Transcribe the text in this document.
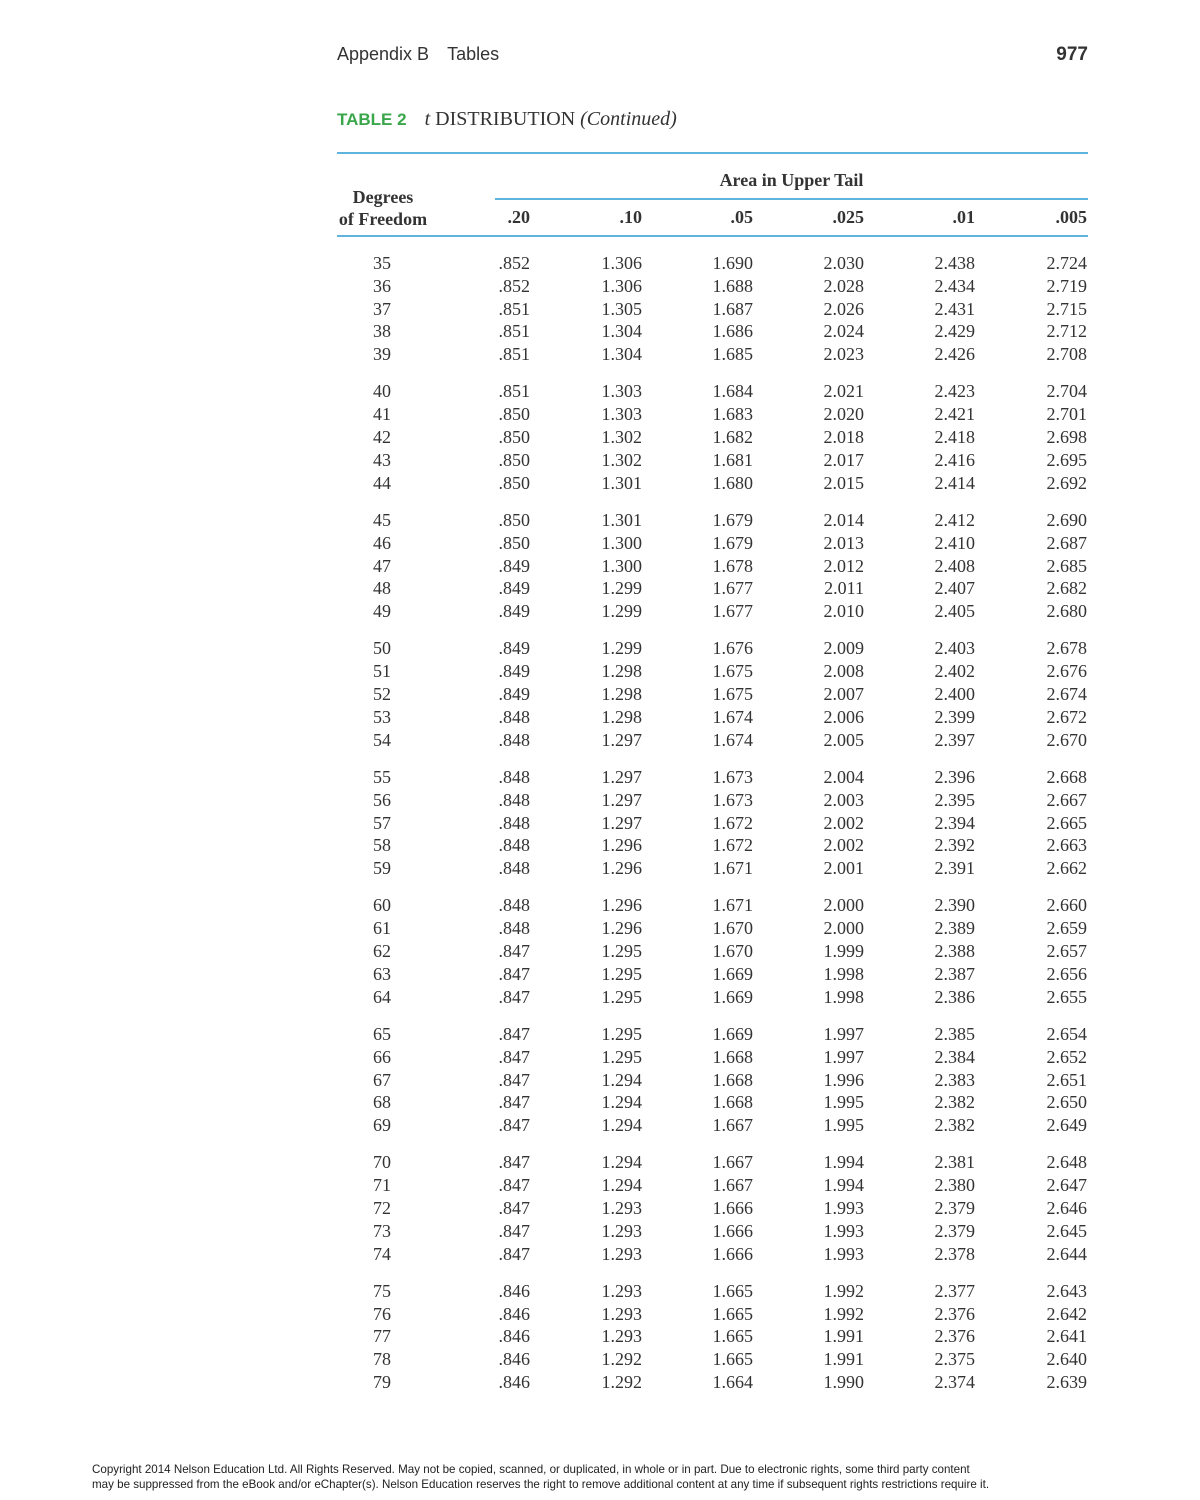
Appendix B Tables	977
TABLE 2 t DISTRIBUTION (Continued)
Area in Upper Tail
Degrees
of Freedom	.20	.10	.05	.025	.01	.005
35	.852	1.306	1.690	2.030	2.438	2.724
36	.852	1.306	1.688	2.028	2.434	2.719
37	.851	1.305	1.687	2.026	2.431	2.715
38	.851	1.304	1.686	2.024	2.429	2.712
39	.851	1.304	1.685	2.023	2.426	2.708
40	.851	1.303	1.684	2.021	2.423	2.704
41	.850	1.303	1.683	2.020	2.421	2.701
42	.850	1.302	1.682	2.018	2.418	2.698
43	.850	1.302	1.681	2.017	2.416	2.695
44	.850	1.301	1.680	2.015	2.414	2.692
45	.850	1.301	1.679	2.014	2.412	2.690
46	.850	1.300	1.679	2.013	2.410	2.687
47	.849	1.300	1.678	2.012	2.408	2.685
48	.849	1.299	1.677	2.011	2.407	2.682
49	.849	1.299	1.677	2.010	2.405	2.680
50	.849	1.299	1.676	2.009	2.403	2.678
51	.849	1.298	1.675	2.008	2.402	2.676
52	.849	1.298	1.675	2.007	2.400	2.674
53	.848	1.298	1.674	2.006	2.399	2.672
54	.848	1.297	1.674	2.005	2.397	2.670
55	.848	1.297	1.673	2.004	2.396	2.668
56	.848	1.297	1.673	2.003	2.395	2.667
57	.848	1.297	1.672	2.002	2.394	2.665
58	.848	1.296	1.672	2.002	2.392	2.663
59	.848	1.296	1.671	2.001	2.391	2.662
60	.848	1.296	1.671	2.000	2.390	2.660
61	.848	1.296	1.670	2.000	2.389	2.659
62	.847	1.295	1.670	1.999	2.388	2.657
63	.847	1.295	1.669	1.998	2.387	2.656
64	.847	1.295	1.669	1.998	2.386	2.655
65	.847	1.295	1.669	1.997	2.385	2.654
66	.847	1.295	1.668	1.997	2.384	2.652
67	.847	1.294	1.668	1.996	2.383	2.651
68	.847	1.294	1.668	1.995	2.382	2.650
69	.847	1.294	1.667	1.995	2.382	2.649
70	.847	1.294	1.667	1.994	2.381	2.648
71	.847	1.294	1.667	1.994	2.380	2.647
72	.847	1.293	1.666	1.993	2.379	2.646
73	.847	1.293	1.666	1.993	2.379	2.645
74	.847	1.293	1.666	1.993	2.378	2.644
75	.846	1.293	1.665	1.992	2.377	2.643
76	.846	1.293	1.665	1.992	2.376	2.642
77	.846	1.293	1.665	1.991	2.376	2.641
78	.846	1.292	1.665	1.991	2.375	2.640
79	.846	1.292	1.664	1.990	2.374	2.639
Copyright 2014 Nelson Education Ltd. All Rights Reserved. May not be copied, scanned, or duplicated, in whole or in part. Due to electronic rights, some third party content
may be suppressed from the eBook and/or eChapter(s). Nelson Education reserves the right to remove additional content at any time if subsequent rights restrictions require it.
